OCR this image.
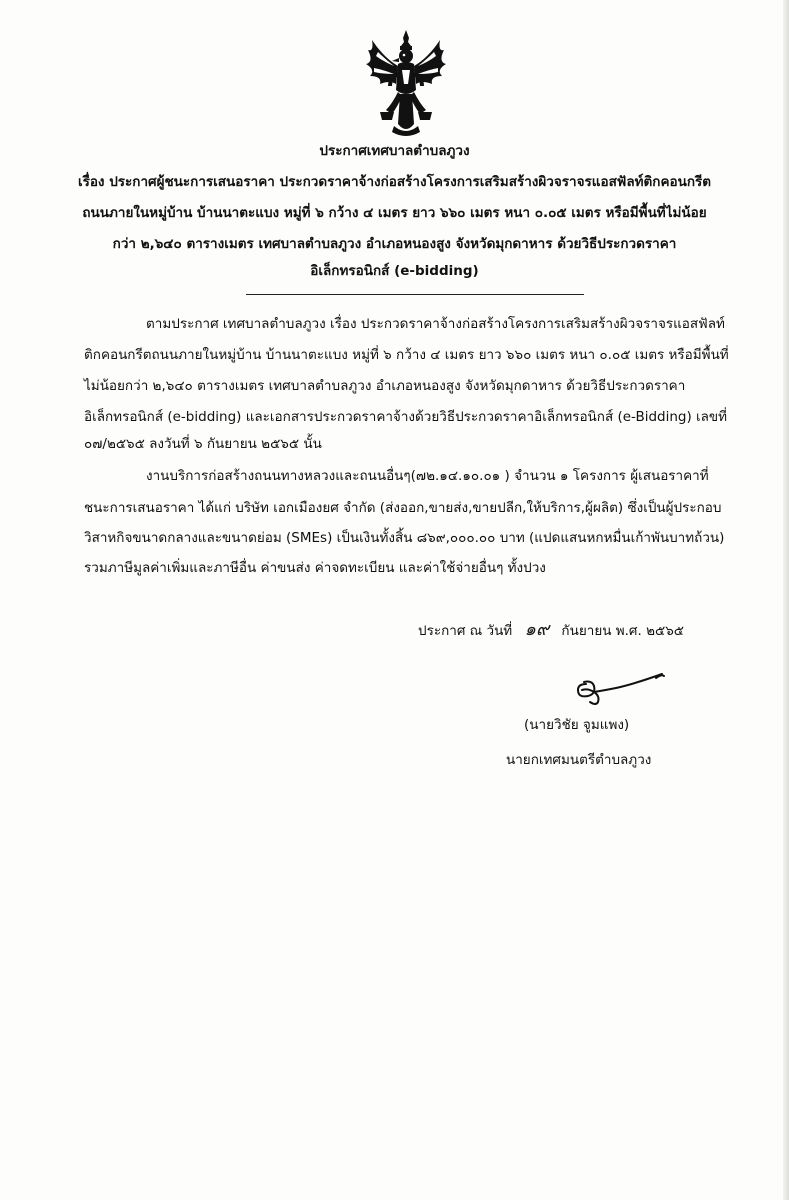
ประกาศเทศบาลตำบลภูวง
เรื่อง ประกาศผู้ชนะการเสนอราคา ประกวดราคาจ้างก่อสร้างโครงการเสริมสร้างผิวจราจรแอสฟัลท์ติกคอนกรีต
ถนนภายในหมู่บ้าน บ้านนาตะแบง หมู่ที่ ๖ กว้าง ๔ เมตร ยาว ๖๖๐ เมตร หนา ๐.๐๕ เมตร หรือมีพื้นที่ไม่น้อย
กว่า ๒,๖๔๐ ตารางเมตร เทศบาลตำบลภูวง อำเภอหนองสูง จังหวัดมุกดาหาร ด้วยวิธีประกวดราคา
อิเล็กทรอนิกส์ (e-bidding)
ตามประกาศ เทศบาลตำบลภูวง เรื่อง ประกวดราคาจ้างก่อสร้างโครงการเสริมสร้างผิวจราจรแอสฟัลท์
ติกคอนกรีตถนนภายในหมู่บ้าน บ้านนาตะแบง หมู่ที่ ๖ กว้าง ๔ เมตร ยาว ๖๖๐ เมตร หนา ๐.๐๕ เมตร หรือมีพื้นที่
ไม่น้อยกว่า ๒,๖๔๐ ตารางเมตร เทศบาลตำบลภูวง อำเภอหนองสูง จังหวัดมุกดาหาร ด้วยวิธีประกวดราคา
อิเล็กทรอนิกส์ (e-bidding) และเอกสารประกวดราคาจ้างด้วยวิธีประกวดราคาอิเล็กทรอนิกส์ (e-Bidding) เลขที่
๐๗/๒๕๖๕ ลงวันที่ ๖ กันยายน ๒๕๖๕ นั้น
งานบริการก่อสร้างถนนทางหลวงและถนนอื่นๆ(๗๒.๑๔.๑๐.๐๑ ) จำนวน ๑ โครงการ ผู้เสนอราคาที่
ชนะการเสนอราคา ได้แก่ บริษัท เอกเมืองยศ จำกัด (ส่งออก,ขายส่ง,ขายปลีก,ให้บริการ,ผู้ผลิต) ซึ่งเป็นผู้ประกอบ
วิสาหกิจขนาดกลางและขนาดย่อม (SMEs) เป็นเงินทั้งสิ้น ๘๖๙,๐๐๐.๐๐ บาท (แปดแสนหกหมื่นเก้าพันบาทถ้วน)
รวมภาษีมูลค่าเพิ่มและภาษีอื่น ค่าขนส่ง ค่าจดทะเบียน และค่าใช้จ่ายอื่นๆ ทั้งปวง
ประกาศ ณ วันที่ ๑๙ กันยายน พ.ศ. ๒๕๖๕
(นายวิชัย จูมแพง)
นายกเทศมนตรีตำบลภูวง
